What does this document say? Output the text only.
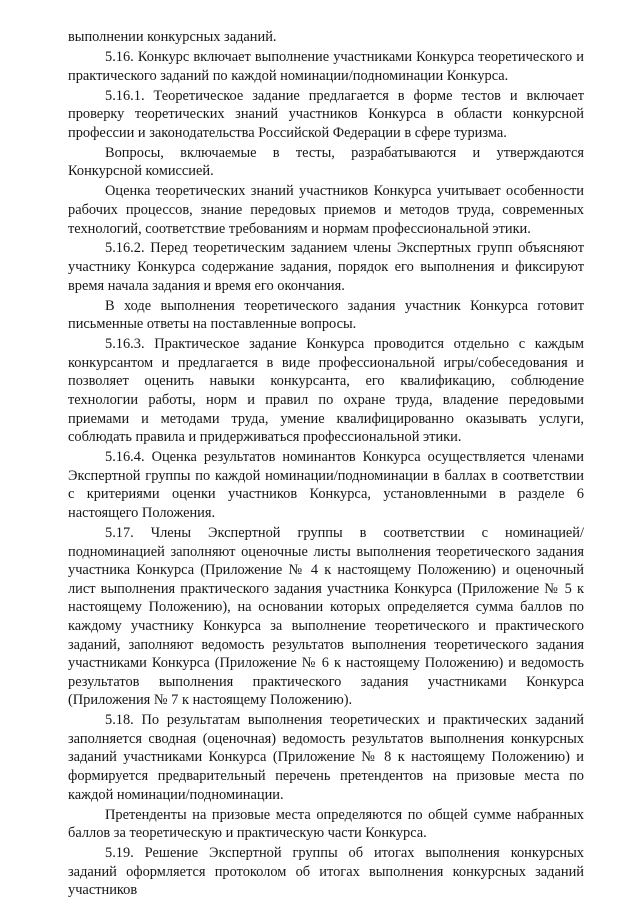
выполнении конкурсных заданий.

5.16. Конкурс включает выполнение участниками Конкурса теоретического и практического заданий по каждой номинации/подноминации Конкурса.

5.16.1. Теоретическое задание предлагается в форме тестов и включает проверку теоретических знаний участников Конкурса в области конкурсной профессии и законодательства Российской Федерации в сфере туризма.

Вопросы, включаемые в тесты, разрабатываются и утверждаются Конкурсной комиссией.

Оценка теоретических знаний участников Конкурса учитывает особенности рабочих процессов, знание передовых приемов и методов труда, современных технологий, соответствие требованиям и нормам профессиональной этики.

5.16.2. Перед теоретическим заданием члены Экспертных групп объясняют участнику Конкурса содержание задания, порядок его выполнения и фиксируют время начала задания и время его окончания.

В ходе выполнения теоретического задания участник Конкурса готовит письменные ответы на поставленные вопросы.

5.16.3. Практическое задание Конкурса проводится отдельно с каждым конкурсантом и предлагается в виде профессиональной игры/собеседования и позволяет оценить навыки конкурсанта, его квалификацию, соблюдение технологии работы, норм и правил по охране труда, владение передовыми приемами и методами труда, умение квалифицированно оказывать услуги, соблюдать правила и придерживаться профессиональной этики.

5.16.4. Оценка результатов номинантов Конкурса осуществляется членами Экспертной группы по каждой номинации/подноминации в баллах в соответствии с критериями оценки участников Конкурса, установленными в разделе 6 настоящего Положения.

5.17. Члены Экспертной группы в соответствии с номинацией/подноминацией заполняют оценочные листы выполнения теоретического задания участника Конкурса (Приложение № 4 к настоящему Положению) и оценочный лист выполнения практического задания участника Конкурса (Приложение № 5 к настоящему Положению), на основании которых определяется сумма баллов по каждому участнику Конкурса за выполнение теоретического и практического заданий, заполняют ведомость результатов выполнения теоретического задания участниками Конкурса (Приложение № 6 к настоящему Положению) и ведомость результатов выполнения практического задания участниками Конкурса (Приложения № 7 к настоящему Положению).

5.18. По результатам выполнения теоретических и практических заданий заполняется сводная (оценочная) ведомость результатов выполнения конкурсных заданий участниками Конкурса (Приложение № 8 к настоящему Положению) и формируется предварительный перечень претендентов на призовые места по каждой номинации/подноминации.

Претенденты на призовые места определяются по общей сумме набранных баллов за теоретическую и практическую части Конкурса.

5.19. Решение Экспертной группы об итогах выполнения конкурсных заданий оформляется протоколом об итогах выполнения конкурсных заданий участников
